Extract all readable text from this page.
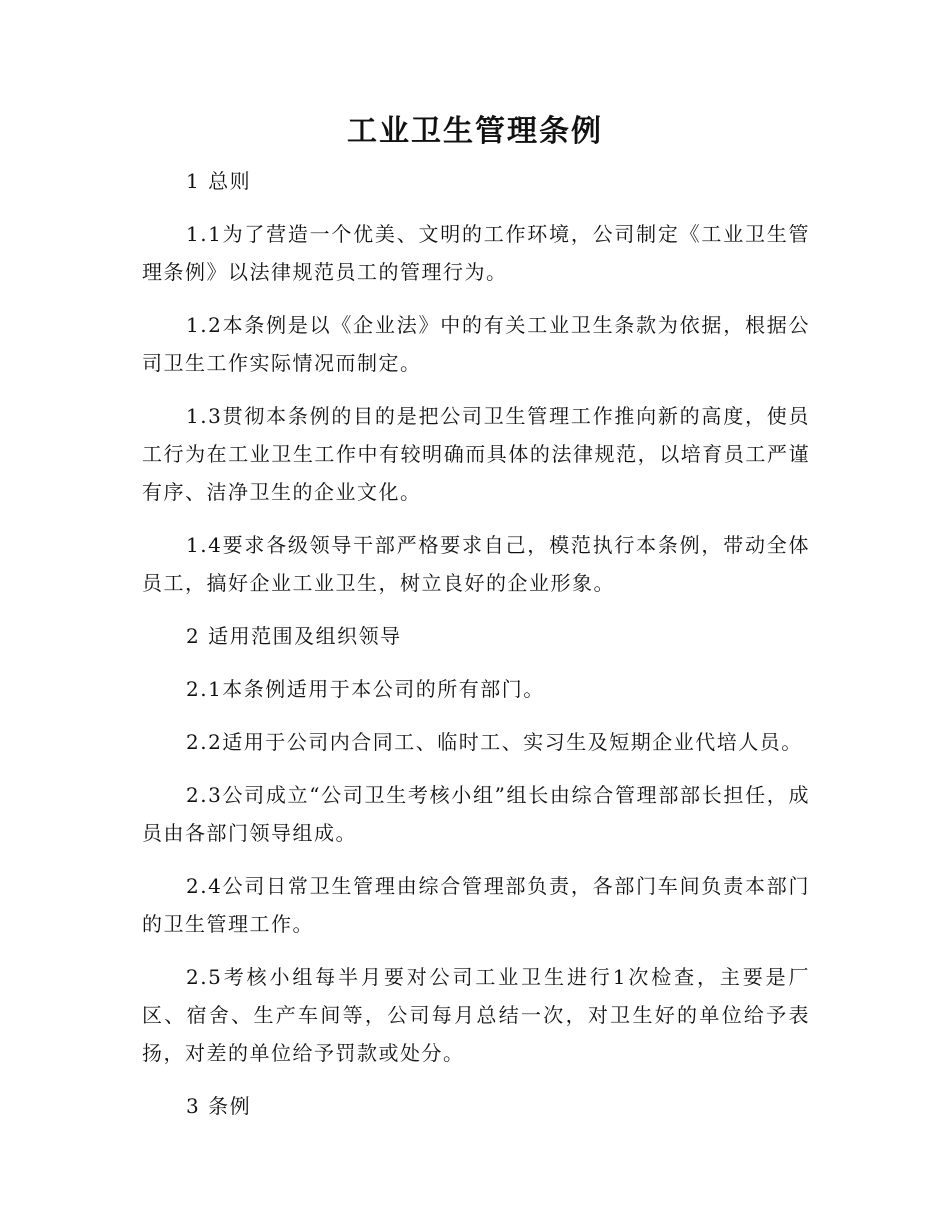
工业卫生管理条例

1 总则

1.1为了营造一个优美、文明的工作环境，公司制定《工业卫生管理条例》以法律规范员工的管理行为。

1.2本条例是以《企业法》中的有关工业卫生条款为依据，根据公司卫生工作实际情况而制定。

1.3贯彻本条例的目的是把公司卫生管理工作推向新的高度，使员工行为在工业卫生工作中有较明确而具体的法律规范，以培育员工严谨有序、洁净卫生的企业文化。

1.4要求各级领导干部严格要求自己，模范执行本条例，带动全体员工，搞好企业工业卫生，树立良好的企业形象。

2 适用范围及组织领导

2.1本条例适用于本公司的所有部门。

2.2适用于公司内合同工、临时工、实习生及短期企业代培人员。

2.3公司成立“公司卫生考核小组”组长由综合管理部部长担任，成员由各部门领导组成。

2.4公司日常卫生管理由综合管理部负责，各部门车间负责本部门的卫生管理工作。

2.5考核小组每半月要对公司工业卫生进行1次检查，主要是厂区、宿舍、生产车间等，公司每月总结一次，对卫生好的单位给予表扬，对差的单位给予罚款或处分。

3 条例
